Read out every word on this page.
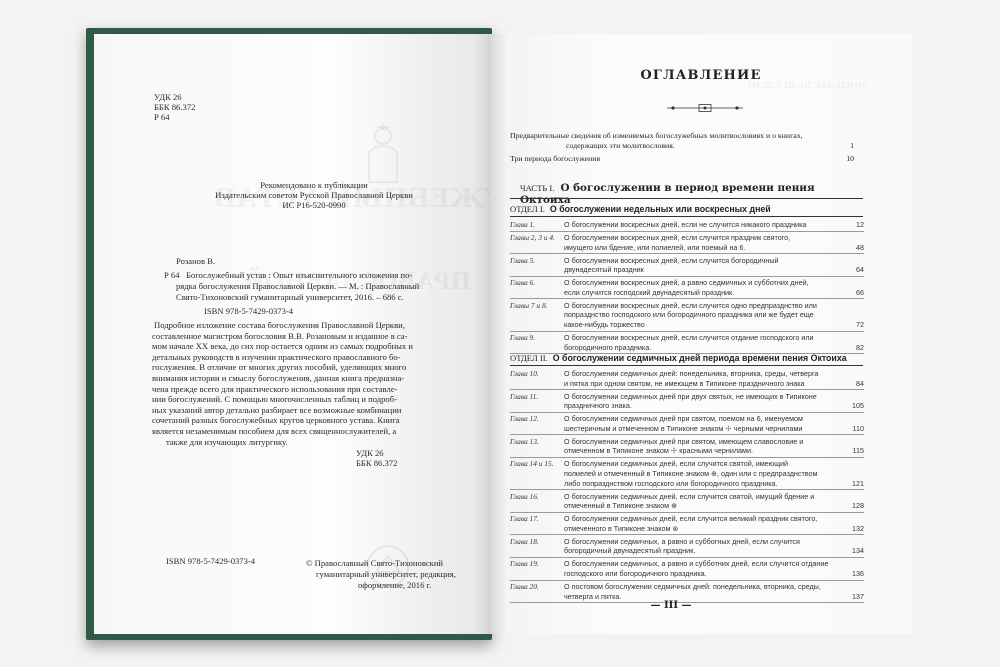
УДК 26
ББК 86.372
Р 64
Рекомендовано к публикации
Издательским советом Русской Православной Церкви
ИС Р16-520-0990
Розанов В.
Р 64 Богослужебный устав : Опыт изъяснительного изложения по-
рядка богослужения Православной Церкви. — М. : Православный
Свято-Тихоновский гуманитарный университет, 2016. – 686 с.
ISBN 978-5-7429-0373-4
Подробное изложение состава богослужения Православной Церкви,
составленное магистром богословия В.В. Розановым и изданное в са-
мом начале XX века, до сих пор остается одним из самых подробных и
детальных руководств в изучении практического православного бо-
гослужения. В отличие от многих других пособий, уделяющих много
внимания истории и смыслу богослужения, данная книга предназна-
чена прежде всего для практического использования при составле-
нии богослужений. С помощью многочисленных таблиц и подроб-
ных указаний автор детально разбирает все возможные комбинации
сочетаний разных богослужебных кругов церковного устава. Книга
является незаменимым пособием для всех священнослужителей, а
также для изучающих литургику.
УДК 26
ББК 86.372
ISBN 978-5-7429-0373-4	© Православный Свято-Тихоновский
гуманитарный университет, редакция,
оформление, 2016 г.
ОГЛАВЛЕНИЕ
Предварительные сведения об изменяемых богослужебных молитвословиях и о книгах,
содержащих эти молитвословия.	1
Три периода богослужения	10
ЧАСТЬ I. О богослужении в период времени пения Октоиха
ОТДЕЛ I. О богослужении недельных или воскресных дней
Глава 1.	О богослужении воскресных дней, если не случится никакого праздника	12
Главы 2, 3 и 4.	О богослужении воскресных дней, если случится праздник святого,
имущего или бдение, или полиелей, или поемый на 6.	48
Глава 5.	О богослужении воскресных дней, если случится богородичный
двунадесятый праздник	64
Глава 6.	О богослужении воскресных дней, а равно седмичных и субботних дней,
если случится господский двунадесятый праздник.	66
Главы 7 и 8.	О богослужении воскресных дней, если случится одно предпразднство или
попразднство господского или богородичного праздника или же будет еще
какое-нибудь торжество	72
Глава 9.	О богослужении воскресных дней, если случится отдание господского или
богородичного праздника.	82
ОТДЕЛ II. О богослужении седмичных дней периода времени пения Октоиха
Глава 10.	О богослужении седмичных дней: понедельника, вторника, среды, четверга
и пятка при одном святом, не имеющем в Типиконе праздничного знака	84
Глава 11.	О богослужении седмичных дней при двух святых, не имеющих в Типиконе
праздничного знака.	105
Глава 12.	О богослужении седмичных дней при святом, поемом на 6, именуемом
шестеричным и отмеченном в Типиконе знаком ☩ черными чернилами	110
Глава 13.	О богослужении седмичных дней при святом, имеющем славословие и
отмеченном в Типиконе знаком ☩ красными чернилами.	115
Глава 14 и 15.	О богослужении седмичных дней, если случится святой, имеющий
полиелей и отмеченный в Типиконе знаком ⊕, один или с предпразднством
либо попразднством господского или богородичного праздника.	121
Глава 16.	О богослужении седмичных дней, если случится святой, имущий бдение и
отмеченный в Типиконе знаком ⊕	128
Глава 17.	О богослужении седмичных дней, если случится великий праздник святого,
отмеченного в Типиконе знаком ⊛	132
Глава 18.	О богослужении седмичных, а равно и суббогных дней, если случится
богородичный двунадесятый праздник.	134
Глава 19.	О богослужении седмичных, а равно и субботних дней, если случится отдание
господского или богородичного праздника.	136
Глава 20.	О постовом богослужении седмичных дней: понедельника, вторника, среды,
четверга и пятка.	137
— III —
